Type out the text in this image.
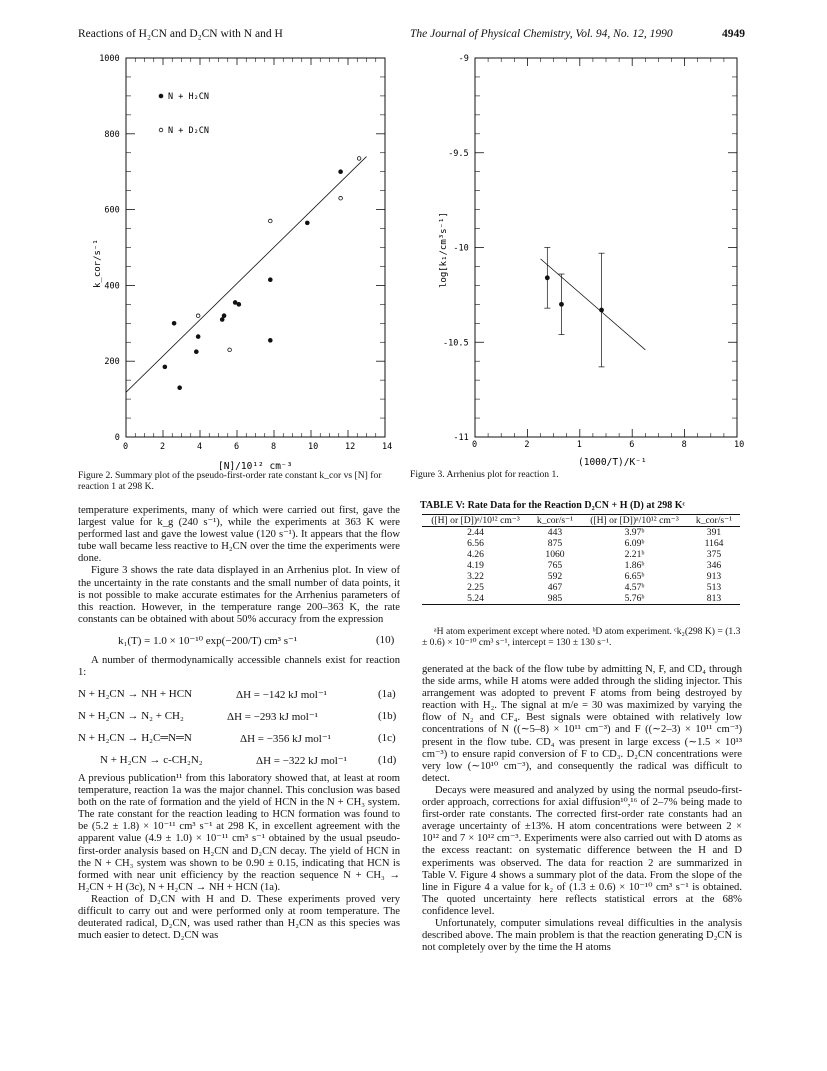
Reactions of H₂CN and D₂CN with N and H	The Journal of Physical Chemistry, Vol. 94, No. 12, 1990	4949
0	2	4	6	8	10	12	14
0
200
400
600
800
1000
N + H₂CN
N + D₂CN
k_cor/s⁻¹
[N]/10¹² cm⁻³
Figure 2. Summary plot of the pseudo-first-order rate constant k_cor vs [N] for reaction 1 at 298 K.
0	2	1	6	8	10
-9
-9.5
-10
-10.5
-11
log[k₁/cm³s⁻¹]
(1000/T)/K⁻¹
Figure 3. Arrhenius plot for reaction 1.

temperature experiments, many of which were carried out first, gave the largest value for k_g (240 s⁻¹), while the experiments at 363 K were performed last and gave the lowest value (120 s⁻¹). It appears that the flow tube wall became less reactive to H₂CN over the time the experiments were done.

Figure 3 shows the rate data displayed in an Arrhenius plot. In view of the uncertainty in the rate constants and the small number of data points, it is not possible to make accurate estimates for the Arrhenius parameters of this reaction. However, in the temperature range 200–363 K, the rate constants can be obtained with about 50% accuracy from the expression

k₁(T) = 1.0 × 10⁻¹⁰ exp(−200/T) cm³ s⁻¹	(10)

A number of thermodynamically accessible channels exist for reaction 1:

N + H₂CN → NH + HCN	ΔH = −142 kJ mol⁻¹	(1a)
N + H₂CN → N₂ + CH₂	ΔH = −293 kJ mol⁻¹	(1b)
N + H₂CN → H₂C═N═N	ΔH = −356 kJ mol⁻¹	(1c)
N + H₂CN → c-CH₂N₂	ΔH = −322 kJ mol⁻¹	(1d)

A previous publication¹¹ from this laboratory showed that, at least at room temperature, reaction 1a was the major channel. This conclusion was based both on the rate of formation and the yield of HCN in the N + CH₃ system. The rate constant for the reaction leading to HCN formation was found to be (5.2 ± 1.8) × 10⁻¹¹ cm³ s⁻¹ at 298 K, in excellent agreement with the apparent value (4.9 ± 1.0) × 10⁻¹¹ cm³ s⁻¹ obtained by the usual pseudo-first-order analysis based on H₂CN and D₂CN decay. The yield of HCN in the N + CH₃ system was shown to be 0.90 ± 0.15, indicating that HCN is formed with near unit efficiency by the reaction sequence N + CH₃ → H₂CN + H (3c), N + H₂CN → NH + HCN (1a).

Reaction of D₂CN with H and D. These experiments proved very difficult to carry out and were performed only at room temperature. The deuterated radical, D₂CN, was used rather than H₂CN as this species was much easier to detect. D₂CN was

TABLE V: Rate Data for the Reaction D₂CN + H (D) at 298 Kᶜ
([H] or [D])ᵃ/10¹² cm⁻³	k_cor/s⁻¹	([H] or [D])ᵃ/10¹² cm⁻³	k_cor/s⁻¹
2.44	443	3.97ᵇ	391
6.56	875	6.09ᵇ	1164
4.26	1060	2.21ᵇ	375
4.19	765	1.86ᵇ	346
3.22	592	6.65ᵇ	913
2.25	467	4.57ᵇ	513
5.24	985	5.76ᵇ	813
ᵃH atom experiment except where noted. ᵇD atom experiment. ᶜk₂(298 K) = (1.3 ± 0.6) × 10⁻¹⁰ cm³ s⁻¹, intercept = 130 ± 130 s⁻¹.

generated at the back of the flow tube by admitting N, F, and CD₄ through the side arms, while H atoms were added through the sliding injector. This arrangement was adopted to prevent F atoms from being destroyed by reaction with H₂. The signal at m/e = 30 was maximized by varying the flow of N₂ and CF₄. Best signals were obtained with relatively low concentrations of N ((∼5–8) × 10¹¹ cm⁻³) and F ((∼2–3) × 10¹¹ cm⁻³) present in the flow tube. CD₄ was present in large excess (∼1.5 × 10¹³ cm⁻³) to ensure rapid conversion of F to CD₃. D₂CN concentrations were very low (∼10¹⁰ cm⁻³), and consequently the radical was difficult to detect.

Decays were measured and analyzed by using the normal pseudo-first-order approach, corrections for axial diffusion¹⁰,¹⁶ of 2–7% being made to first-order rate constants. The corrected first-order rate constants had an average uncertainty of ±13%. H atom concentrations were between 2 × 10¹² and 7 × 10¹² cm⁻³. Experiments were also carried out with D atoms as the excess reactant: on systematic difference between the H and D experiments was observed. The data for reaction 2 are summarized in Table V. Figure 4 shows a summary plot of the data. From the slope of the line in Figure 4 a value for k₂ of (1.3 ± 0.6) × 10⁻¹⁰ cm³ s⁻¹ is obtained. The quoted uncertainty here reflects statistical errors at the 68% confidence level.

Unfortunately, computer simulations reveal difficulties in the analysis described above. The main problem is that the reaction generating D₂CN is not completely over by the time the H atoms
